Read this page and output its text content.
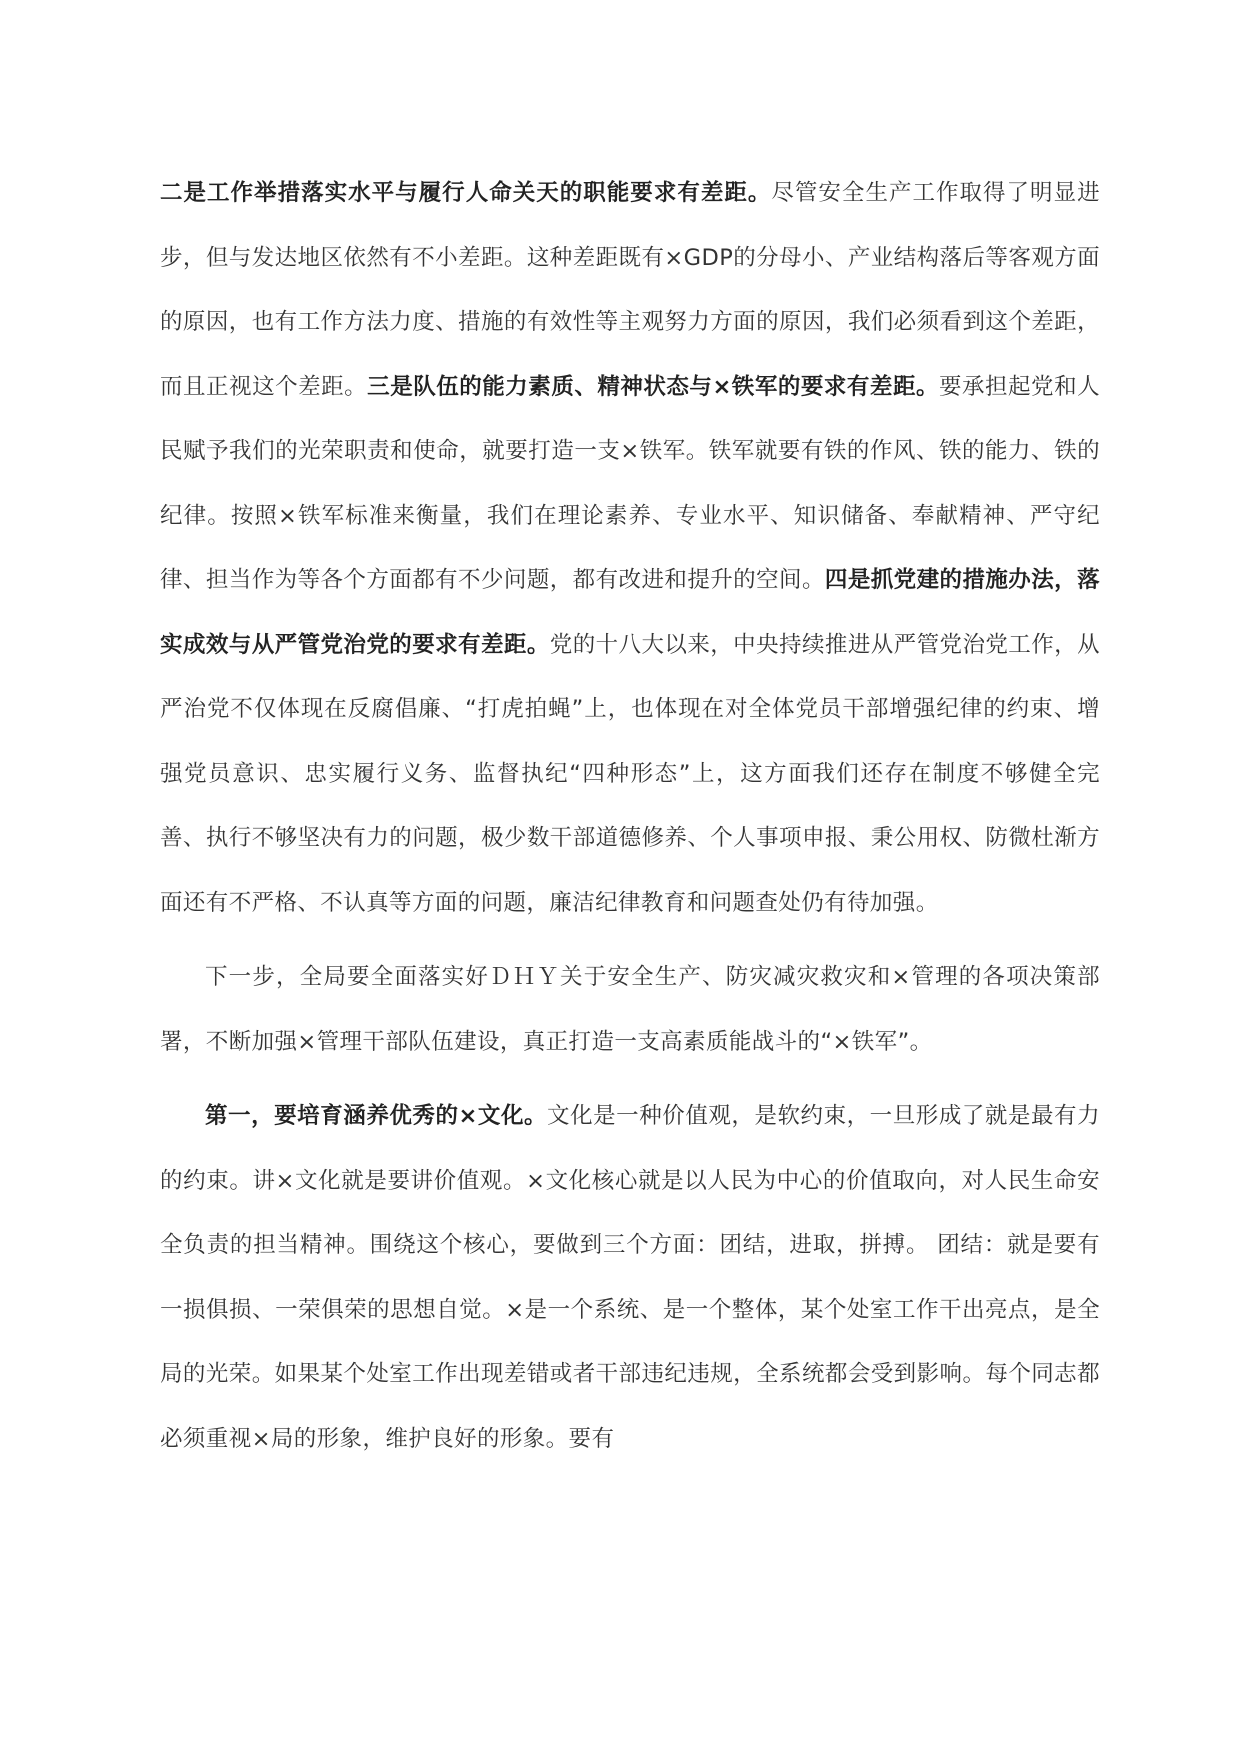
二是工作举措落实水平与履行人命关天的职能要求有差距。尽管安全生产工作取得了明显进步，但与发达地区依然有不小差距。这种差距既有×GDP的分母小、产业结构落后等客观方面的原因，也有工作方法力度、措施的有效性等主观努力方面的原因，我们必须看到这个差距，而且正视这个差距。三是队伍的能力素质、精神状态与×铁军的要求有差距。要承担起党和人民赋予我们的光荣职责和使命，就要打造一支×铁军。铁军就要有铁的作风、铁的能力、铁的纪律。按照×铁军标准来衡量，我们在理论素养、专业水平、知识储备、奉献精神、严守纪律、担当作为等各个方面都有不少问题，都有改进和提升的空间。四是抓党建的措施办法，落实成效与从严管党治党的要求有差距。党的十八大以来，中央持续推进从严管党治党工作，从严治党不仅体现在反腐倡廉、“打虎拍蝇”上，也体现在对全体党员干部增强纪律的约束、增强党员意识、忠实履行义务、监督执纪“四种形态”上，这方面我们还存在制度不够健全完善、执行不够坚决有力的问题，极少数干部道德修养、个人事项申报、秉公用权、防微杜渐方面还有不严格、不认真等方面的问题，廉洁纪律教育和问题查处仍有待加强。

下一步，全局要全面落实好ＤＨＹ关于安全生产、防灾减灾救灾和×管理的各项决策部署，不断加强×管理干部队伍建设，真正打造一支高素质能战斗的“×铁军”。

第一，要培育涵养优秀的×文化。文化是一种价值观，是软约束，一旦形成了就是最有力的约束。讲×文化就是要讲价值观。×文化核心就是以人民为中心的价值取向，对人民生命安全负责的担当精神。围绕这个核心，要做到三个方面：团结，进取，拼搏。 团结：就是要有一损俱损、一荣俱荣的思想自觉。×是一个系统、是一个整体，某个处室工作干出亮点，是全局的光荣。如果某个处室工作出现差错或者干部违纪违规，全系统都会受到影响。每个同志都必须重视×局的形象，维护良好的形象。要有
